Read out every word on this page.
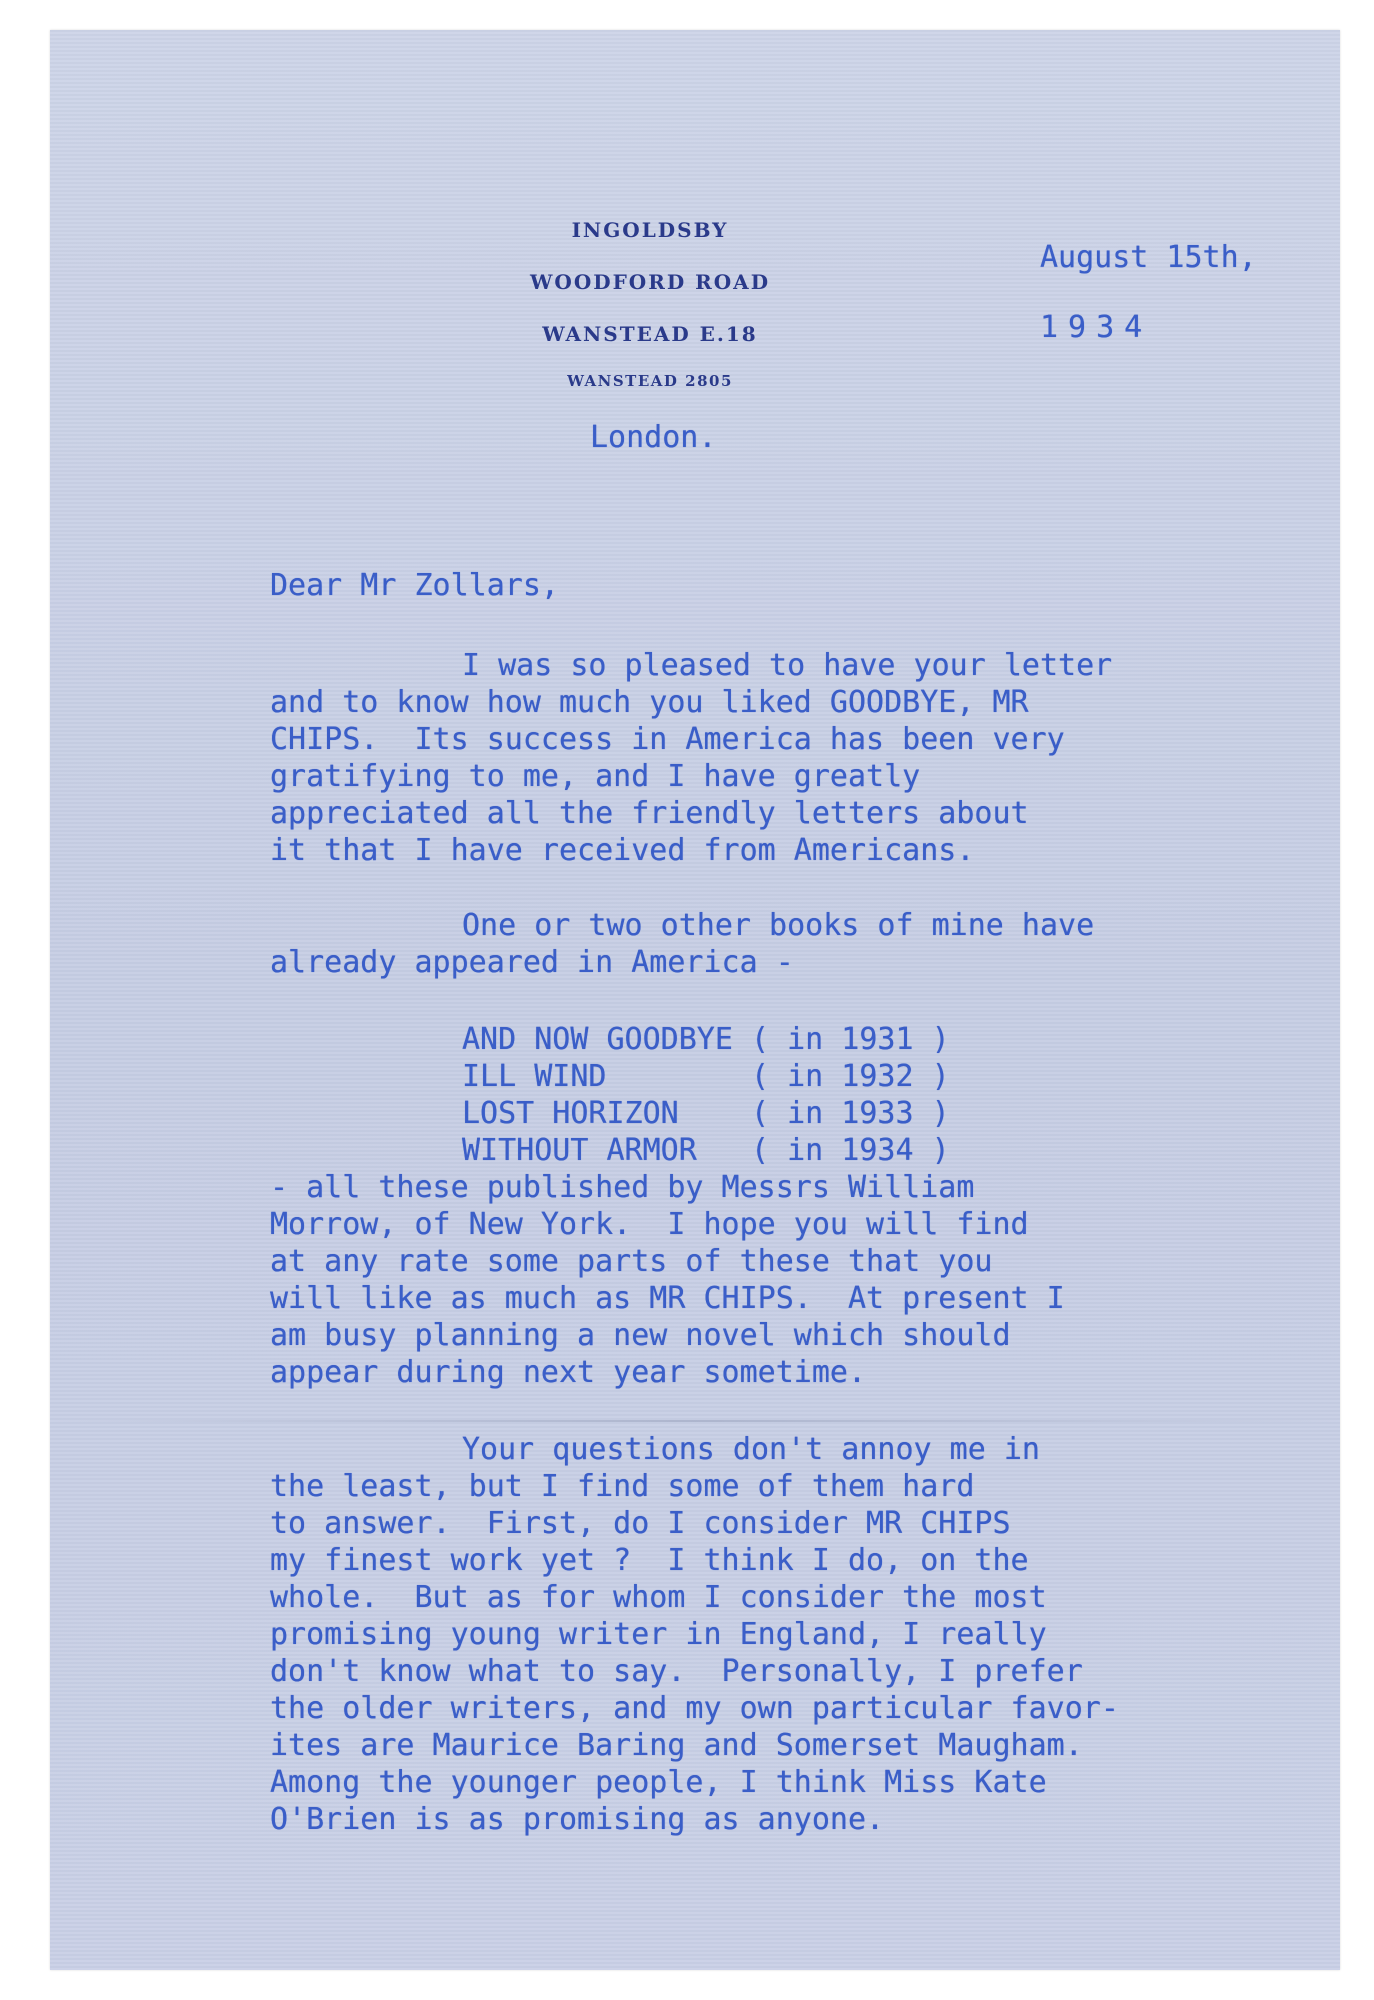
INGOLDSBY
WOODFORD ROAD
WANSTEAD E.18
WANSTEAD 2805
August 15th,
1934
London.
Dear Mr Zollars,
I was so pleased to have your letter
and to know how much you liked GOODBYE, MR
CHIPS.  Its success in America has been very
gratifying to me, and I have greatly
appreciated all the friendly letters about
it that I have received from Americans.
One or two other books of mine have
already appeared in America -
AND NOW GOODBYE ( in 1931 )
ILL WIND        ( in 1932 )
LOST HORIZON    ( in 1933 )
WITHOUT ARMOR   ( in 1934 )
- all these published by Messrs William
Morrow, of New York.  I hope you will find
at any rate some parts of these that you
will like as much as MR CHIPS.  At present I
am busy planning a new novel which should
appear during next year sometime.
Your questions don't annoy me in
the least, but I find some of them hard
to answer.  First, do I consider MR CHIPS
my finest work yet ?  I think I do, on the
whole.  But as for whom I consider the most
promising young writer in England, I really
don't know what to say.  Personally, I prefer
the older writers, and my own particular favor-
ites are Maurice Baring and Somerset Maugham.
Among the younger people, I think Miss Kate
O'Brien is as promising as anyone.
